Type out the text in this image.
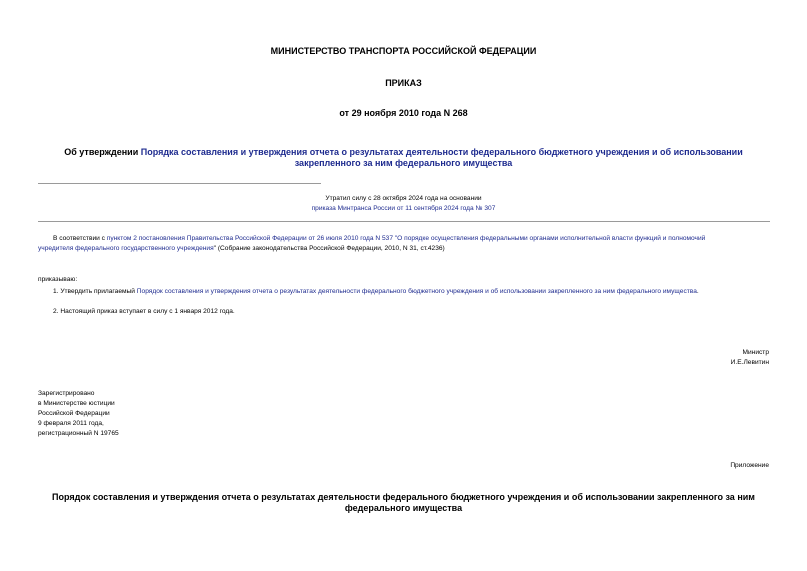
МИНИСТЕРСТВО ТРАНСПОРТА РОССИЙСКОЙ ФЕДЕРАЦИИ
ПРИКАЗ
от 29 ноября 2010 года N 268
Об утверждении Порядка составления и утверждения отчета о результатах деятельности федерального бюджетного учреждения и об использовании
закрепленного за ним федерального имущества
Утратил силу с 28 октября 2024 года на основании
приказа Минтранса России от 11 сентября 2024 года № 307
В соответствии с пунктом 2 постановления Правительства Российской Федерации от 26 июля 2010 года N 537 "О порядке осуществления федеральными органами исполнительной власти функций и полномочий
учредителя федерального государственного учреждения" (Собрание законодательства Российской Федерации, 2010, N 31, ст.4236)
приказываю:
1. Утвердить прилагаемый Порядок составления и утверждения отчета о результатах деятельности федерального бюджетного учреждения и об использовании закрепленного за ним федерального имущества.
2. Настоящий приказ вступает в силу с 1 января 2012 года.
Министр
И.Е.Левитин
Зарегистрировано
в Министерстве юстиции
Российской Федерации
9 февраля 2011 года,
регистрационный N 19765
Приложение
Порядок составления и утверждения отчета о результатах деятельности федерального бюджетного учреждения и об использовании закрепленного за ним
федерального имущества
